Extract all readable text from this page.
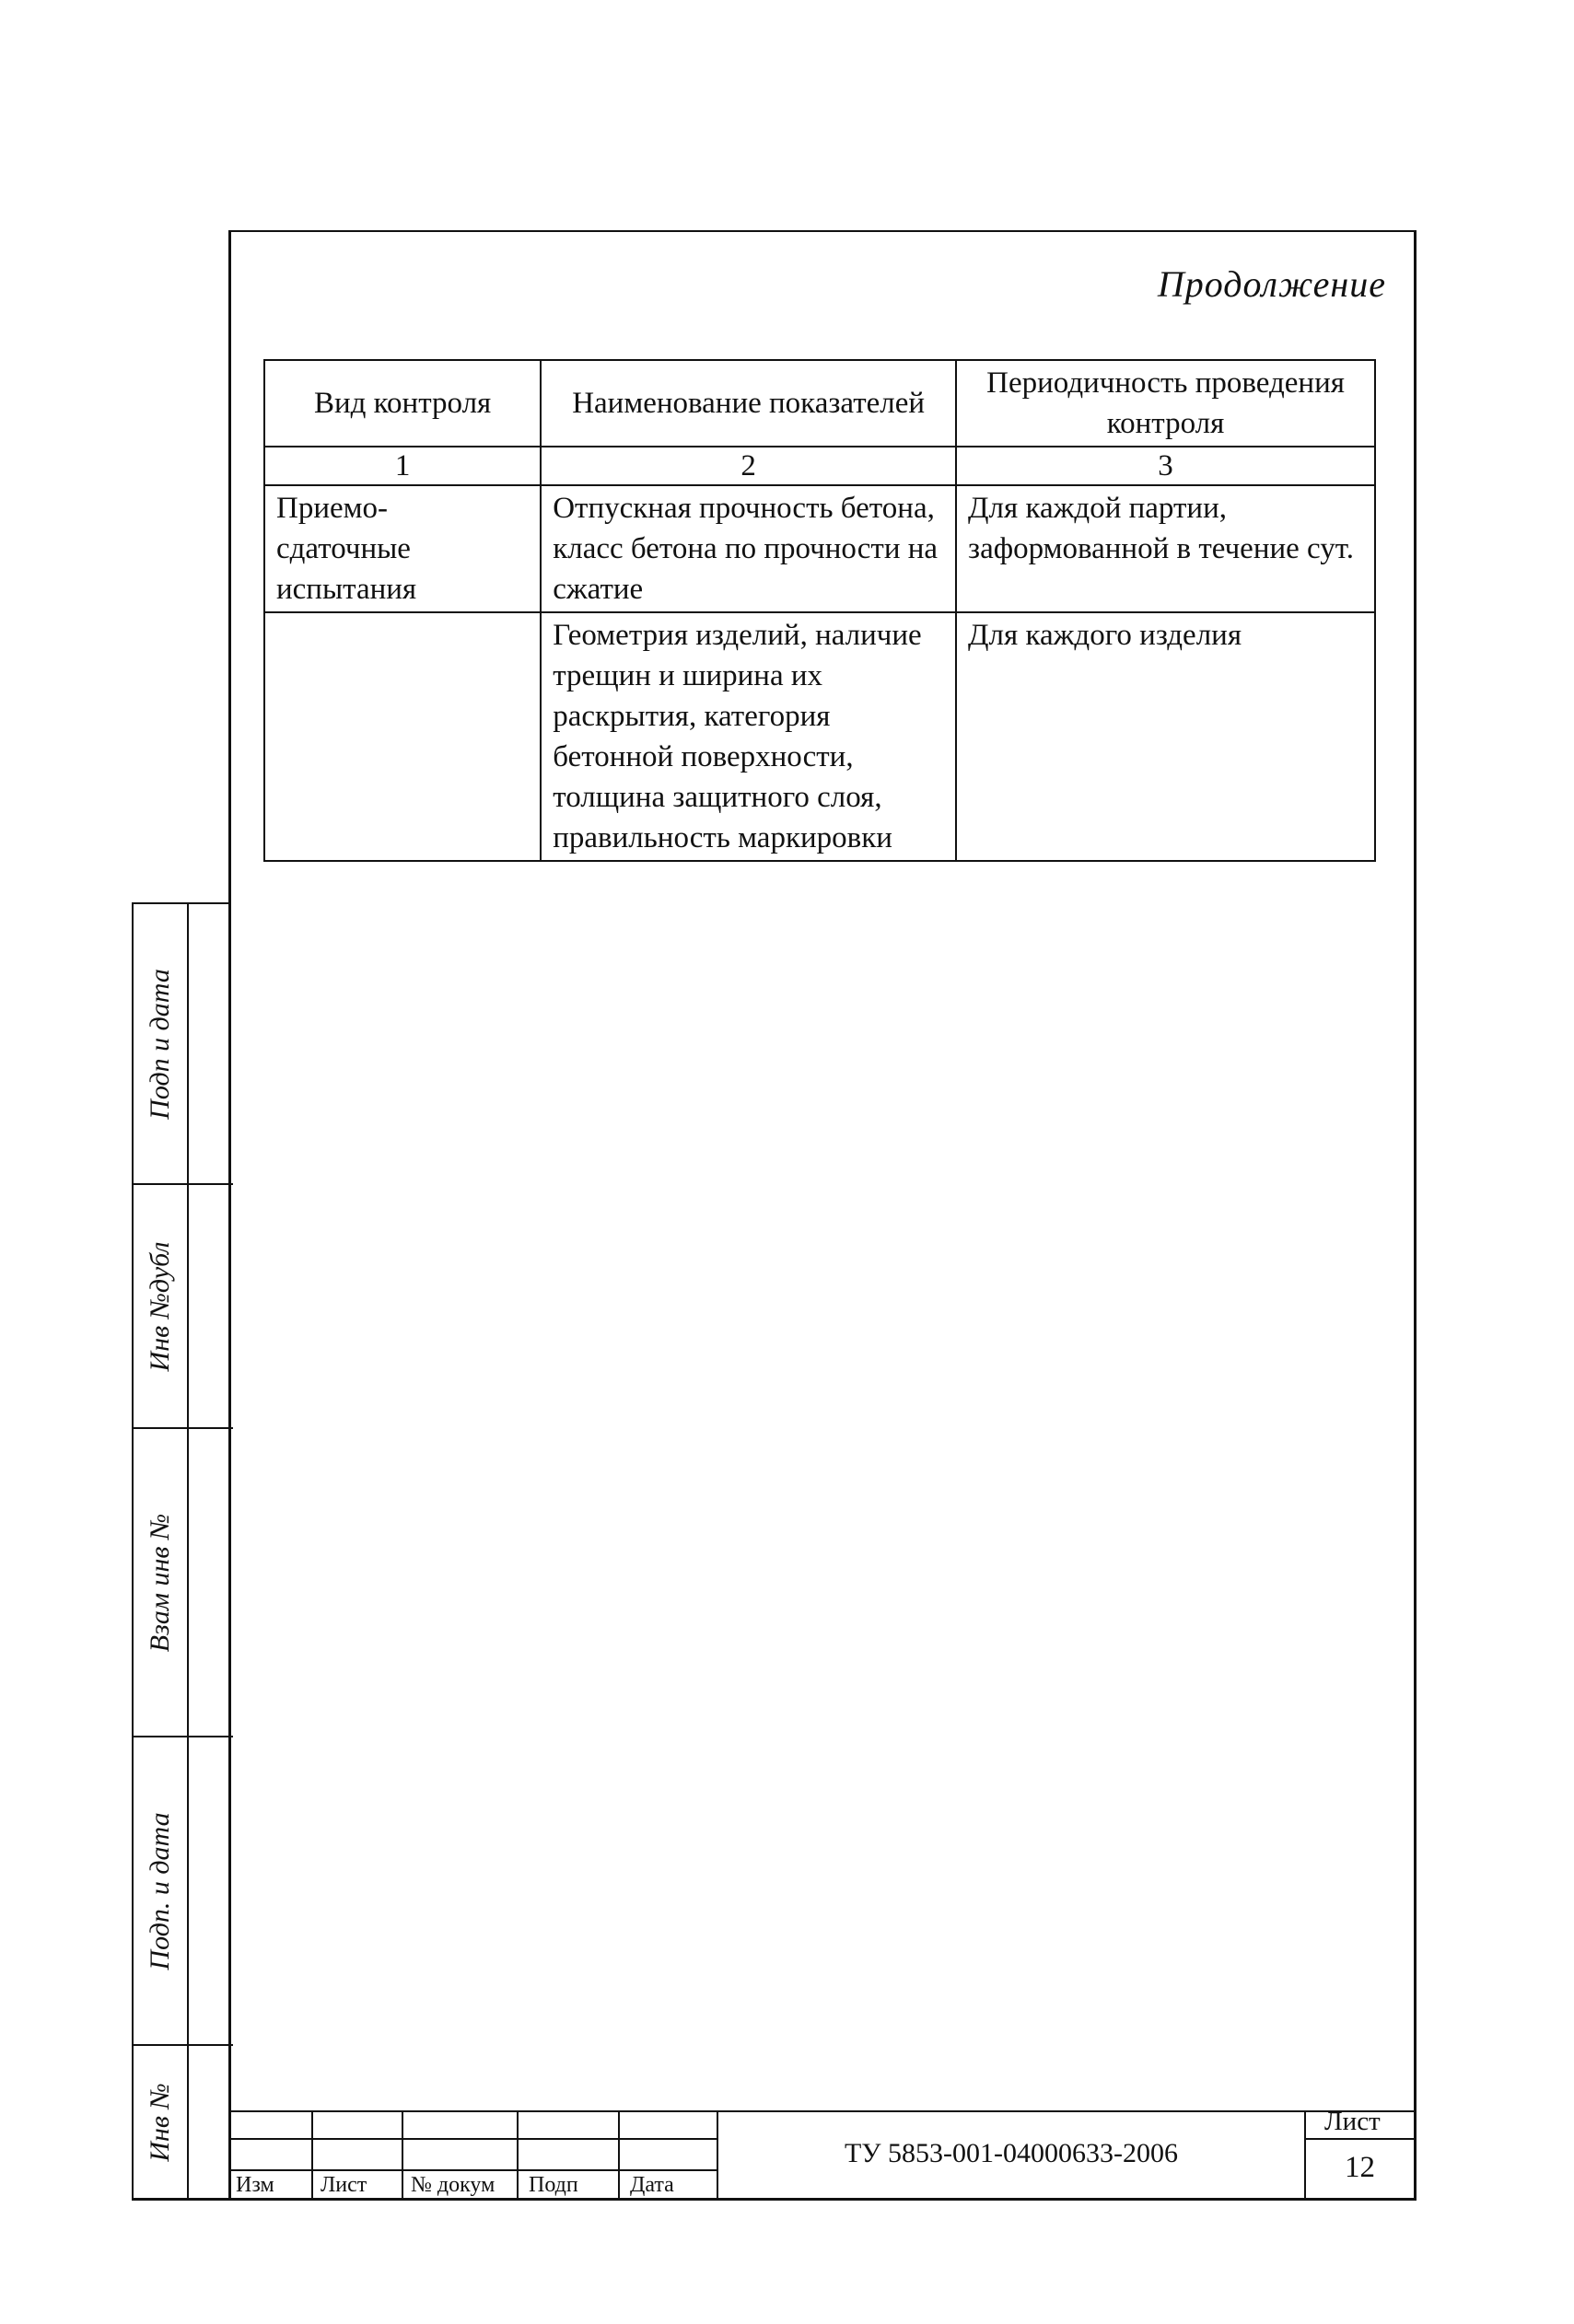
Продолжение
Вид контроля	Наименование показателей	Периодичность проведения контроля
1	2	3
Приемо-
сдаточные
испытания	Отпускная прочность бетона, класс бетона по прочности на сжатие	Для каждой партии, заформованной в течение сут.
	Геометрия изделий, наличие трещин и ширина их раскрытия, категория бетонной поверхности, толщина защитного слоя, правильность маркировки	Для каждого изделия
Подп и дата
Инв №дубл
Взам инв №
Подп. и дата
Инв №
Изм Лист № докум Подп Дата
ТУ 5853-001-04000633-2006
Лист
12
